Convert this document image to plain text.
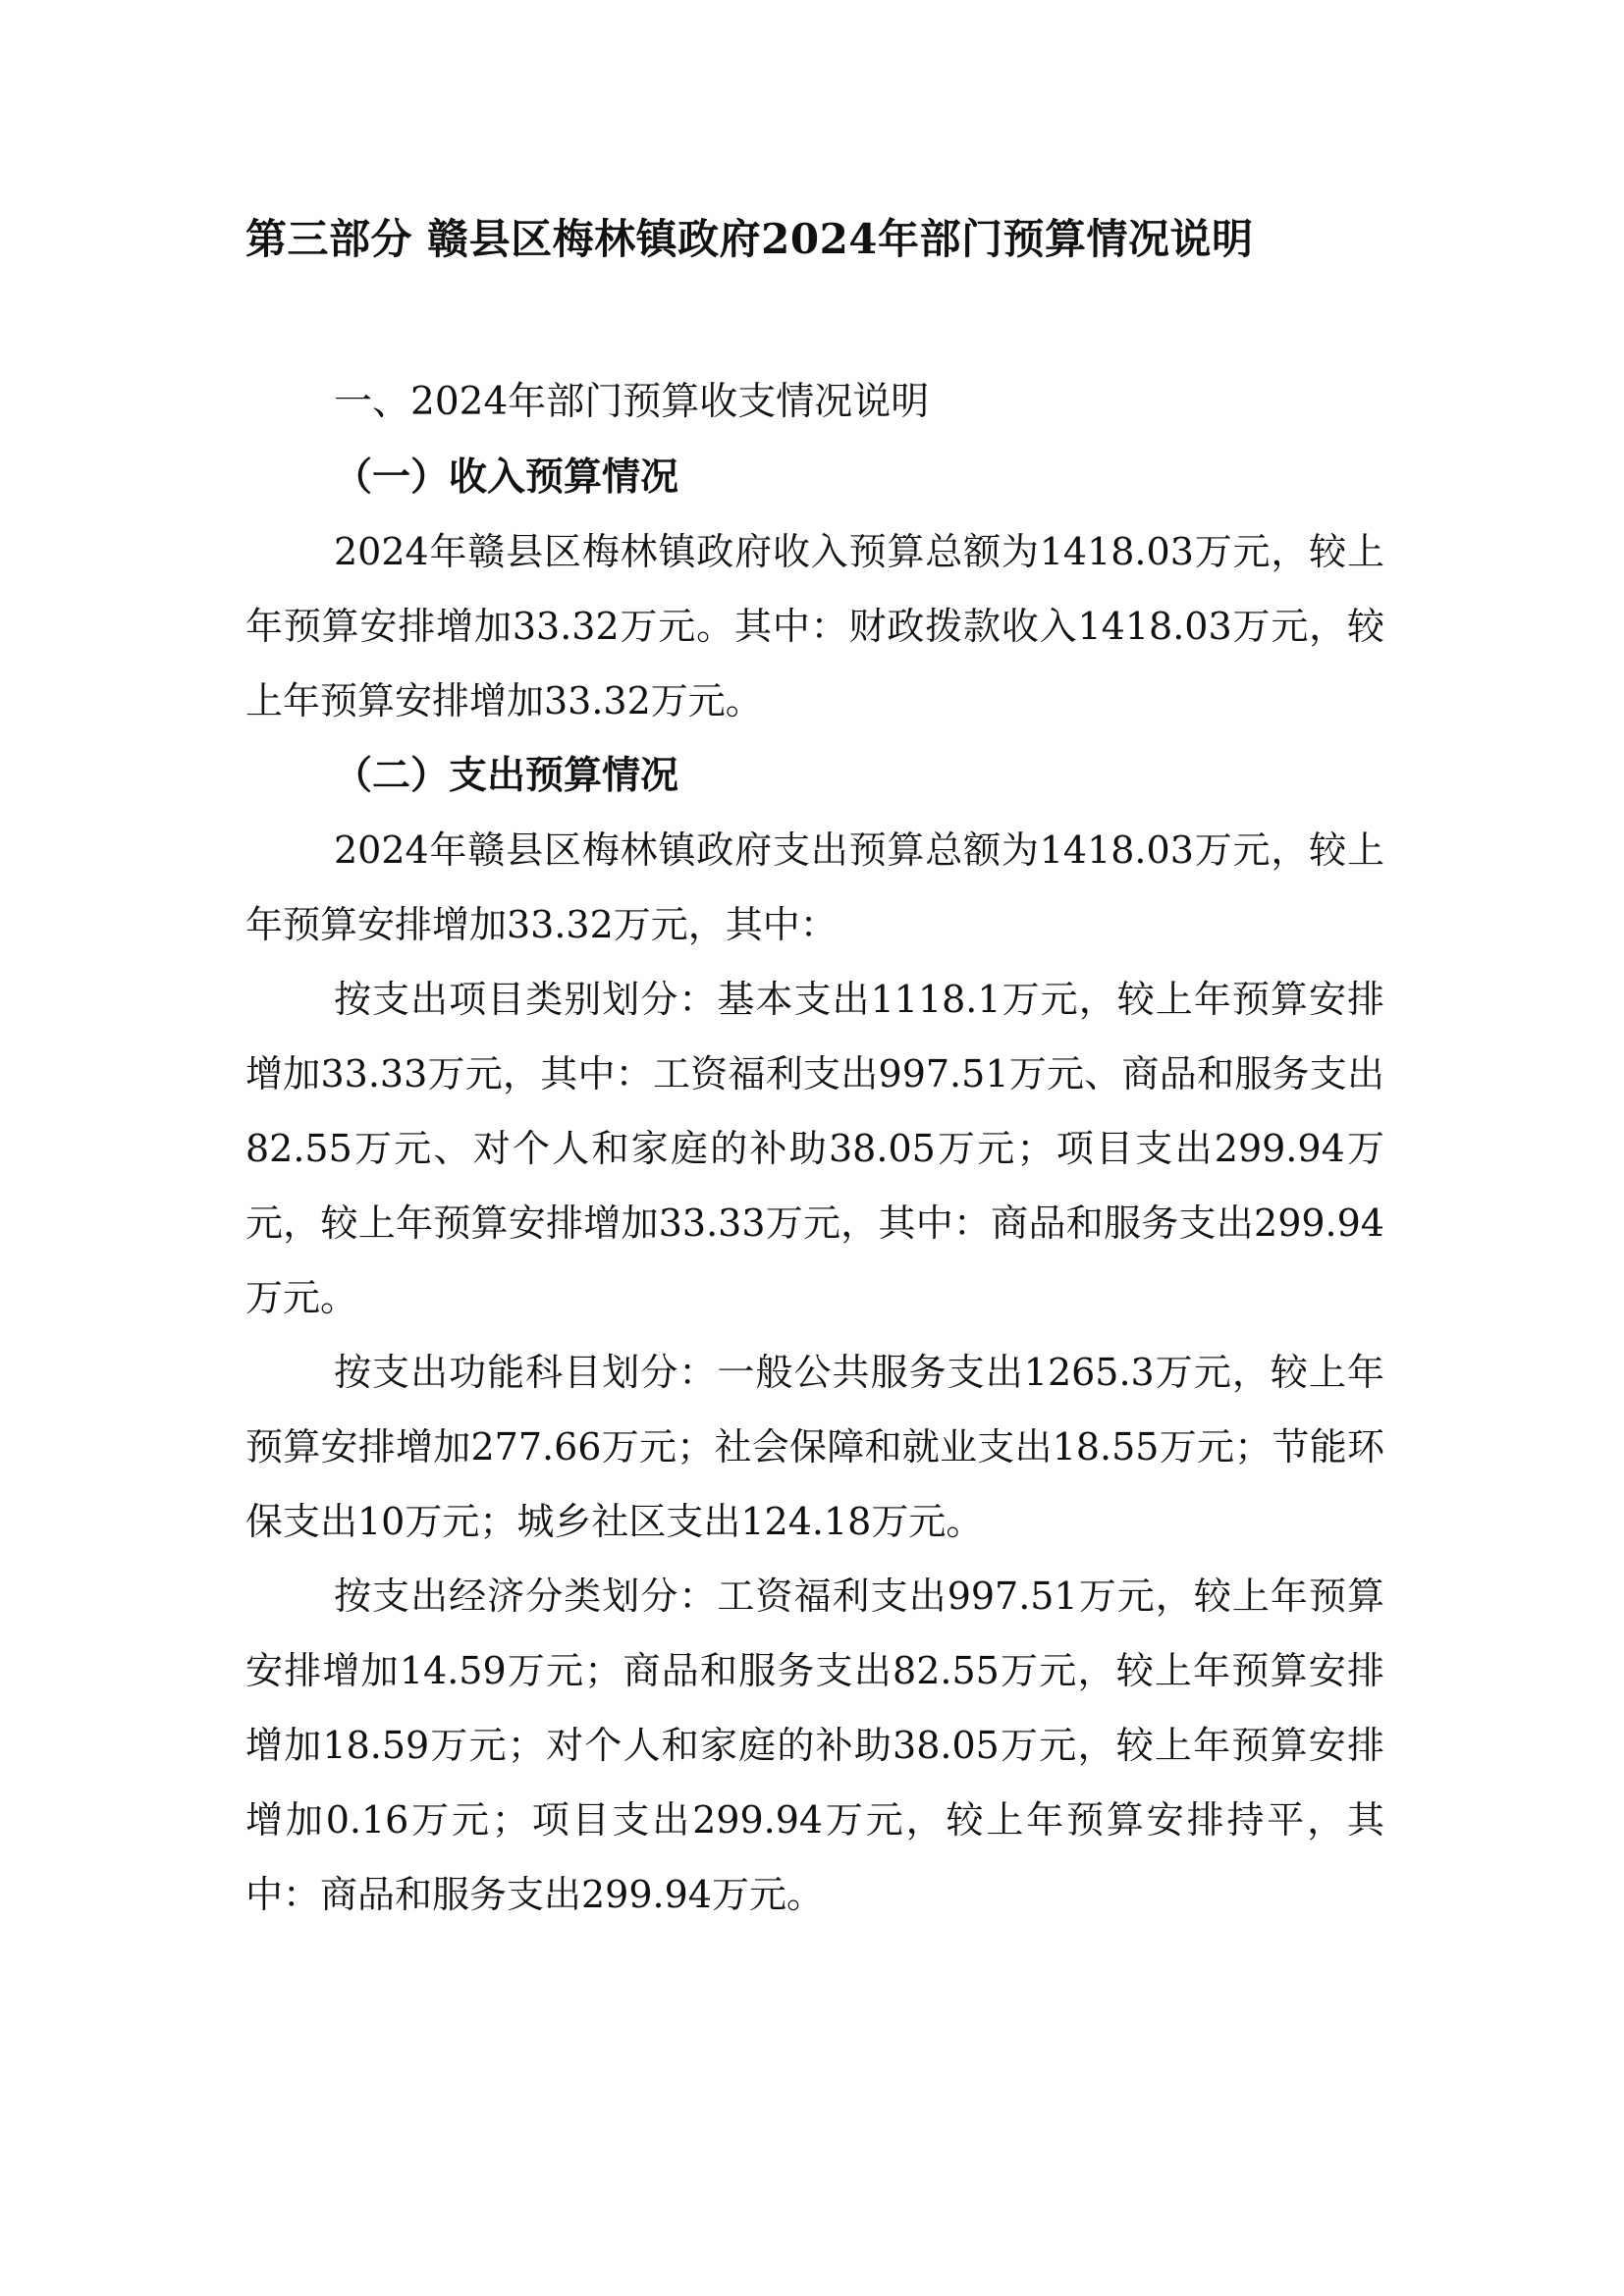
第三部分 赣县区梅林镇政府2024年部门预算情况说明

一、2024年部门预算收支情况说明

（一）收入预算情况

2024年赣县区梅林镇政府收入预算总额为1418.03万元，较上年预算安排增加33.32万元。其中：财政拨款收入1418.03万元，较上年预算安排增加33.32万元。

（二）支出预算情况

2024年赣县区梅林镇政府支出预算总额为1418.03万元，较上年预算安排增加33.32万元，其中：

按支出项目类别划分：基本支出1118.1万元，较上年预算安排增加33.33万元，其中：工资福利支出997.51万元、商品和服务支出82.55万元、对个人和家庭的补助38.05万元；项目支出299.94万元，较上年预算安排增加33.33万元，其中：商品和服务支出299.94万元。

按支出功能科目划分：一般公共服务支出1265.3万元，较上年预算安排增加277.66万元；社会保障和就业支出18.55万元；节能环保支出10万元；城乡社区支出124.18万元。

按支出经济分类划分：工资福利支出997.51万元，较上年预算安排增加14.59万元；商品和服务支出82.55万元，较上年预算安排增加18.59万元；对个人和家庭的补助38.05万元，较上年预算安排增加0.16万元；项目支出299.94万元，较上年预算安排持平，其中：商品和服务支出299.94万元。
